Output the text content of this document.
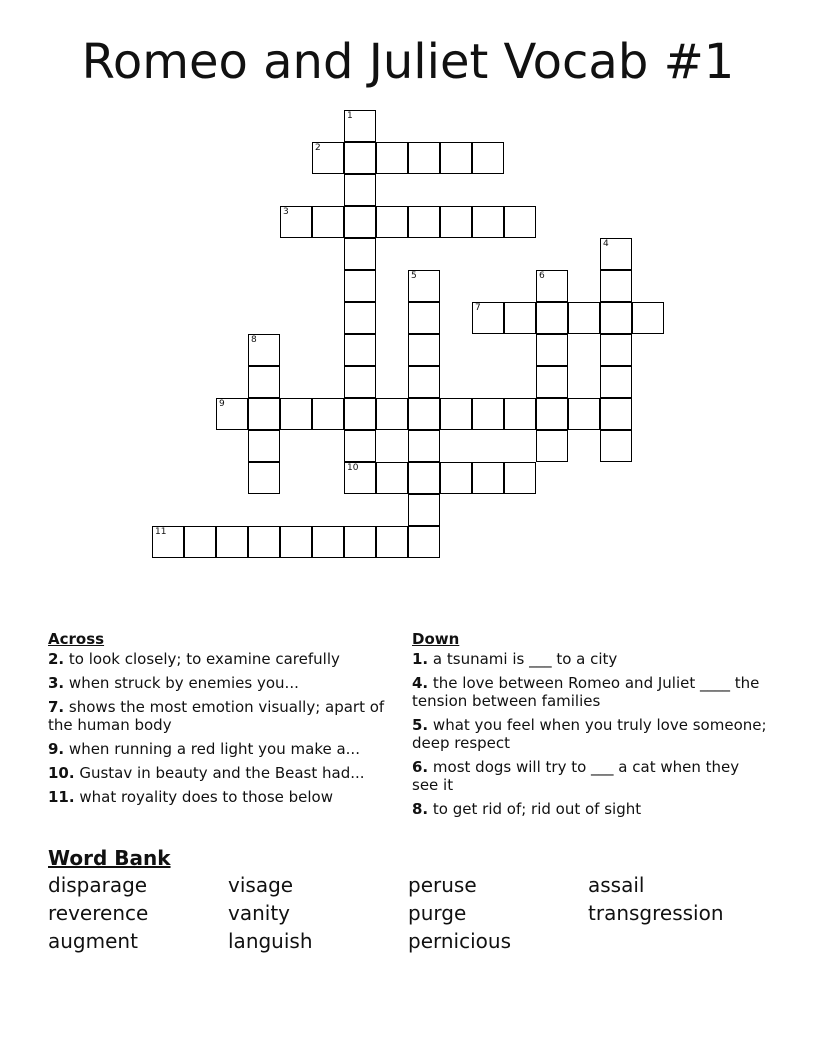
Romeo and Juliet Vocab #1
1
2
3
4
5	6
7
8
9
10
11
Across
2. to look closely; to examine carefully
3. when struck by enemies you...
7. shows the most emotion visually; apart of the human body
9. when running a red light you make a...
10. Gustav in beauty and the Beast had...
11. what royality does to those below
Down
1. a tsunami is ___ to a city
4. the love between Romeo and Juliet ____ the tension between families
5. what you feel when you truly love someone; deep respect
6. most dogs will try to ___ a cat when they see it
8. to get rid of; rid out of sight
Word Bank
disparage	visage	peruse	assail
reverence	vanity	purge	transgression
augment	languish	pernicious
